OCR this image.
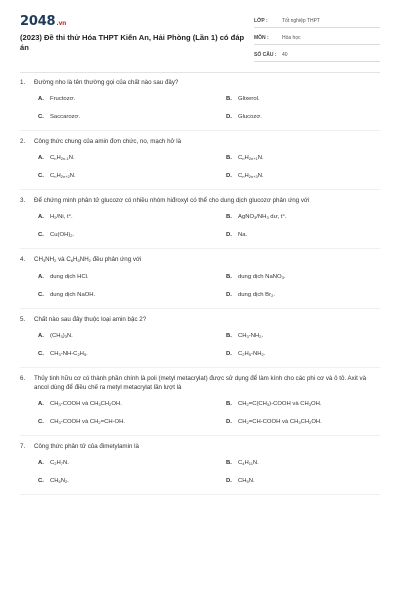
2048.vn
(2023) Đề thi thử Hóa THPT Kiến An, Hải Phòng (Lần 1) có đáp án
LỚP :	Tốt nghiệp THPT
MÔN :	Hóa học
SỐ CÂU :	40
1.	Đường nho là tên thường gọi của chất nào sau đây?
A.	Fructozơ.	B.	Glixerol.
C.	Saccarozơ.	D.	Glucozơ.
2.	Công thức chung của amin đơn chức, no, mạch hở là
A.	$C_nH_{2n-1}N$.	B.	$C_nH_{2n+1}N$.
C.	$C_nH_{2n+2}N$.	D.	$C_nH_{2n+3}N$.
3.	Để chứng minh phân tử glucozơ có nhiều nhóm hiđroxyl có thể cho dung dịch glucozơ phản ứng với
A.	$H_2/Ni$, t°.	B.	$AgNO_3/NH_3$ dư, t°.
C.	$Cu(OH)_2$.	D.	Na.
4.	$CH_3NH_2$ và $C_6H_5NH_2$ đều phản ứng với
A.	dung dịch HCl.	B.	dung dịch NaNO$_3$.
C.	dung dịch NaOH.	D.	dung dịch $Br_2$.
5.	Chất nào sau đây thuộc loại amin bậc 2?
A.	$(CH_3)_3N$.	B.	$CH_3-NH_2$.
C.	$CH_3-NH-C_2H_5$.	D.	$C_2H_5-NH_2$.
6.	Thủy tinh hữu cơ có thành phần chính là poli (metyl metacrylat) được sử dụng để làm kính cho các phi cơ và ô tô. Axit và ancol dùng để điều chế ra metyl metacrylat lần lượt là
A.	$CH_3$-COOH và $CH_3CH_2OH$.	B.	$CH_2=C(CH_3)$-COOH và $CH_3OH$.
C.	$CH_3$-COOH và $CH_2=CH-OH$.	D.	$CH_2=CH$-COOH và $CH_3CH_2OH$.
7.	Công thức phân tử của đimetylamin là
A.	$C_2H_7N$.	B.	$C_4H_{11}N$.
C.	$CH_6N_2$.	D.	$CH_5N$.
